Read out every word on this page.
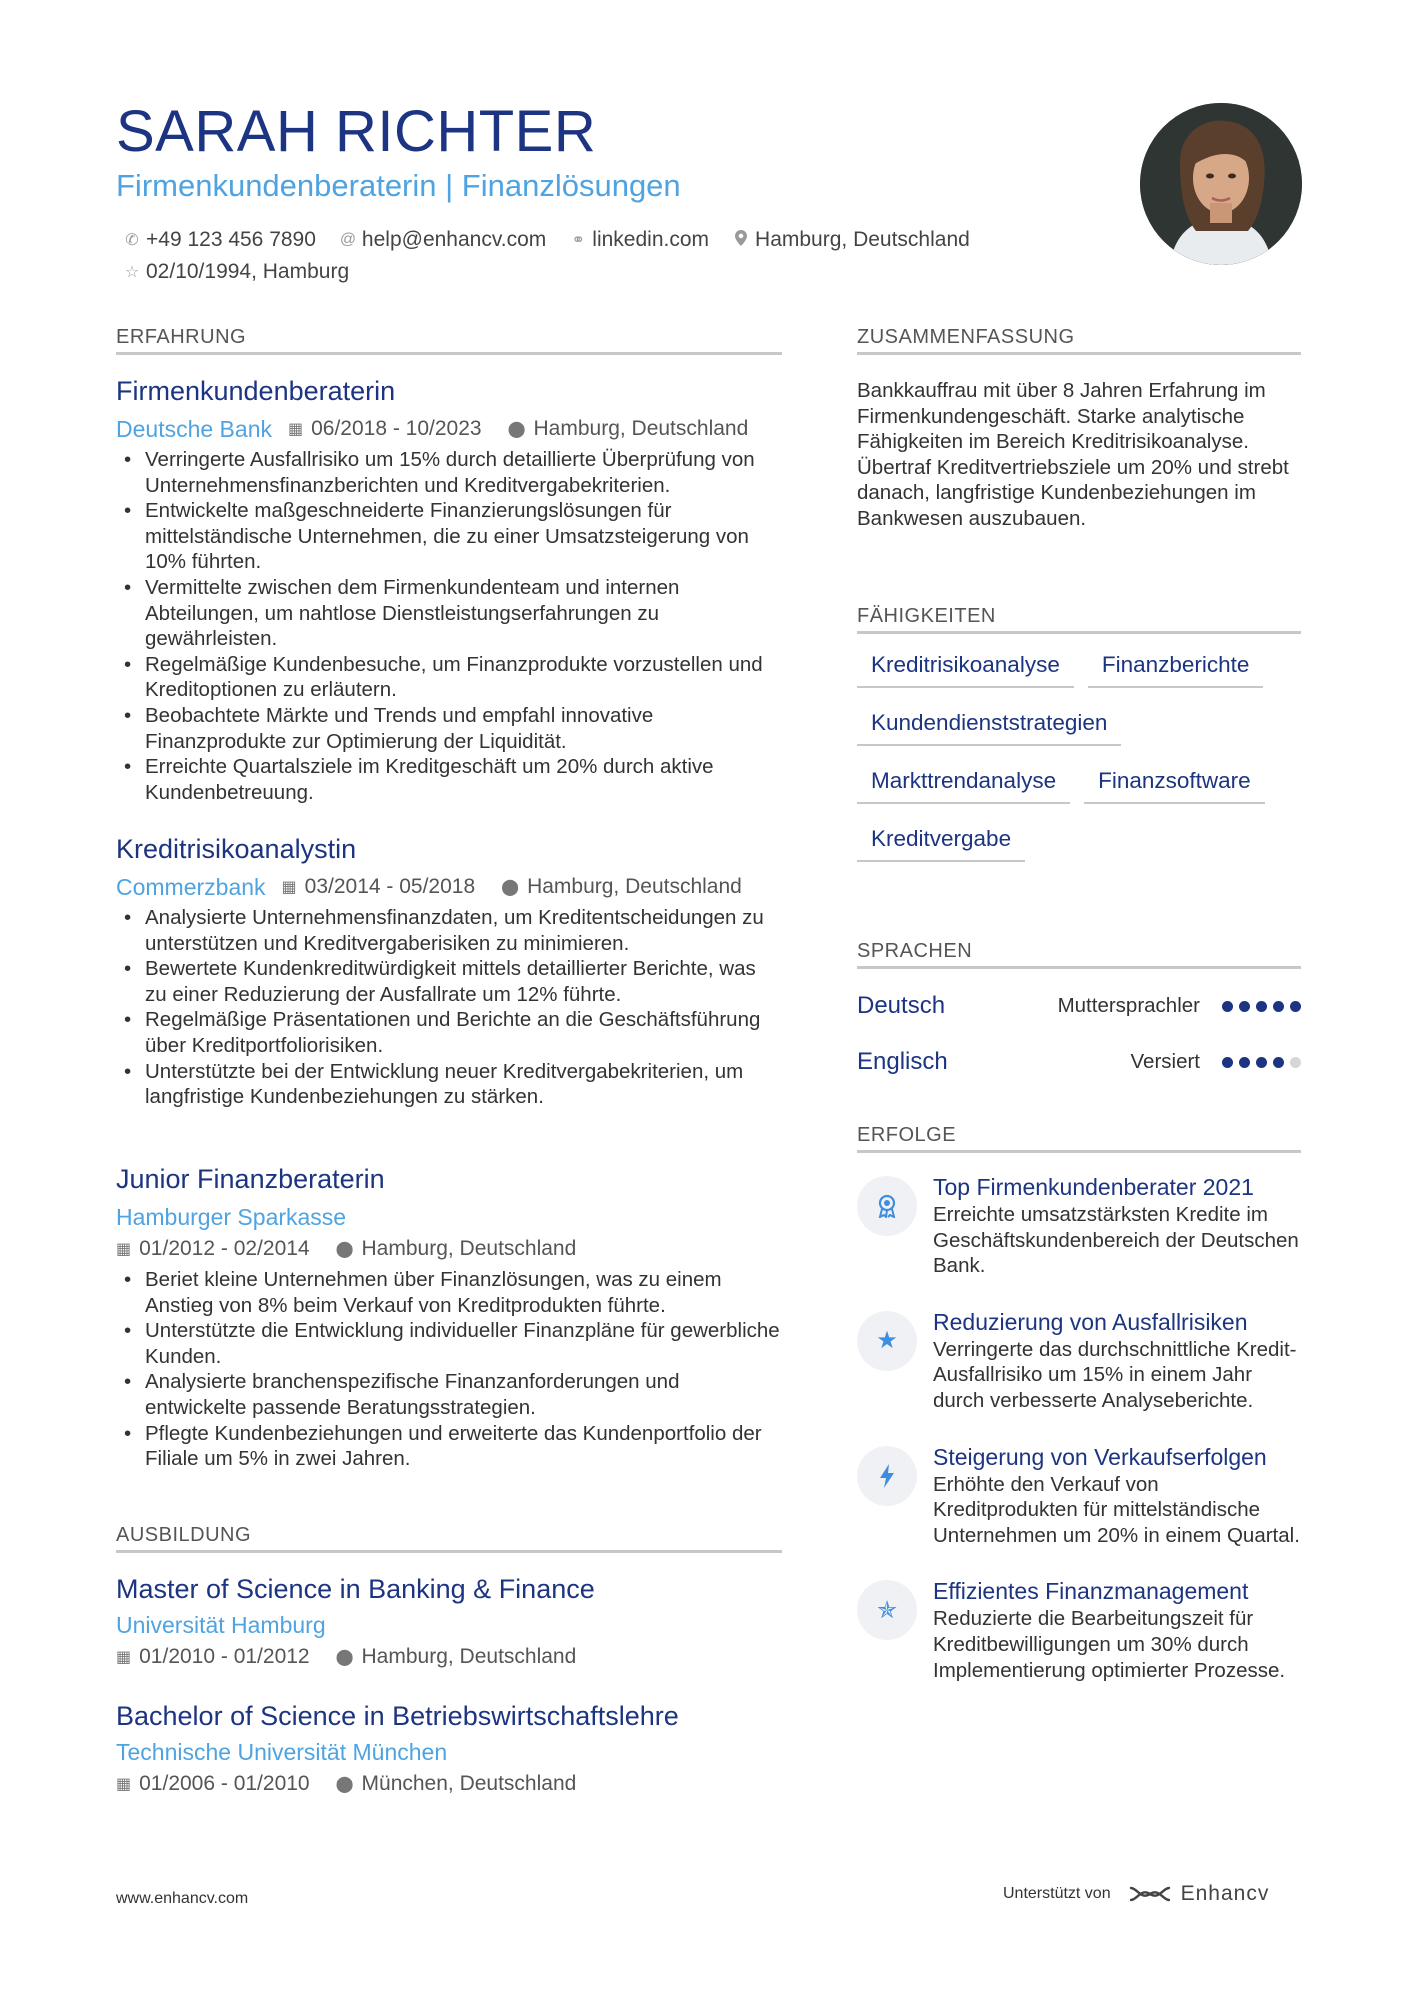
SARAH RICHTER
Firmenkundenberaterin | Finanzlösungen
✆ +49 123 456 7890 @ help@enhancv.com ⚭ linkedin.com Hamburg, Deutschland
☆ 02/10/1994, Hamburg
ERFAHRUNG
Firmenkundenberaterin
Deutsche Bank ▦ 06/2018 - 10/2023 ⬤ Hamburg, Deutschland
• Verringerte Ausfallrisiko um 15% durch detaillierte Überprüfung von Unternehmensfinanzberichten und Kreditvergabekriterien.
• Entwickelte maßgeschneiderte Finanzierungslösungen für mittelständische Unternehmen, die zu einer Umsatzsteigerung von 10% führten.
• Vermittelte zwischen dem Firmenkundenteam und internen Abteilungen, um nahtlose Dienstleistungserfahrungen zu gewährleisten.
• Regelmäßige Kundenbesuche, um Finanzprodukte vorzustellen und Kreditoptionen zu erläutern.
• Beobachtete Märkte und Trends und empfahl innovative Finanzprodukte zur Optimierung der Liquidität.
• Erreichte Quartalsziele im Kreditgeschäft um 20% durch aktive Kundenbetreuung.
Kreditrisikoanalystin
Commerzbank ▦ 03/2014 - 05/2018 ⬤ Hamburg, Deutschland
• Analysierte Unternehmensfinanzdaten, um Kreditentscheidungen zu unterstützen und Kreditvergaberisiken zu minimieren.
• Bewertete Kundenkreditwürdigkeit mittels detaillierter Berichte, was zu einer Reduzierung der Ausfallrate um 12% führte.
• Regelmäßige Präsentationen und Berichte an die Geschäftsführung über Kreditportfoliorisiken.
• Unterstützte bei der Entwicklung neuer Kreditvergabekriterien, um langfristige Kundenbeziehungen zu stärken.
Junior Finanzberaterin
Hamburger Sparkasse
▦ 01/2012 - 02/2014 ⬤ Hamburg, Deutschland
• Beriet kleine Unternehmen über Finanzlösungen, was zu einem Anstieg von 8% beim Verkauf von Kreditprodukten führte.
• Unterstützte die Entwicklung individueller Finanzpläne für gewerbliche Kunden.
• Analysierte branchenspezifische Finanzanforderungen und entwickelte passende Beratungsstrategien.
• Pflegte Kundenbeziehungen und erweiterte das Kundenportfolio der Filiale um 5% in zwei Jahren.
AUSBILDUNG
Master of Science in Banking & Finance
Universität Hamburg
▦ 01/2010 - 01/2012 ⬤ Hamburg, Deutschland
Bachelor of Science in Betriebswirtschaftslehre
Technische Universität München
▦ 01/2006 - 01/2010 ⬤ München, Deutschland
ZUSAMMENFASSUNG
Bankkauffrau mit über 8 Jahren Erfahrung im Firmenkundengeschäft. Starke analytische Fähigkeiten im Bereich Kreditrisikoanalyse. Übertraf Kreditvertriebsziele um 20% und strebt danach, langfristige Kundenbeziehungen im Bankwesen auszubauen.
FÄHIGKEITEN
Kreditrisikoanalyse	Finanzberichte
Kundendienststrategien
Markttrendanalyse	Finanzsoftware
Kreditvergabe
SPRACHEN
Deutsch	Muttersprachler
Englisch	Versiert
ERFOLGE
Top Firmenkundenberater 2021
Erreichte umsatzstärksten Kredite im Geschäftskundenbereich der Deutschen Bank.
★
Reduzierung von Ausfallrisiken
Verringerte das durchschnittliche Kredit-Ausfallrisiko um 15% in einem Jahr durch verbesserte Analyseberichte.
Steigerung von Verkaufserfolgen
Erhöhte den Verkauf von Kreditprodukten für mittelständische Unternehmen um 20% in einem Quartal.
✯
Effizientes Finanzmanagement
Reduzierte die Bearbeitungszeit für Kreditbewilligungen um 30% durch Implementierung optimierter Prozesse.
www.enhancv.com	Unterstützt von	Enhancv
